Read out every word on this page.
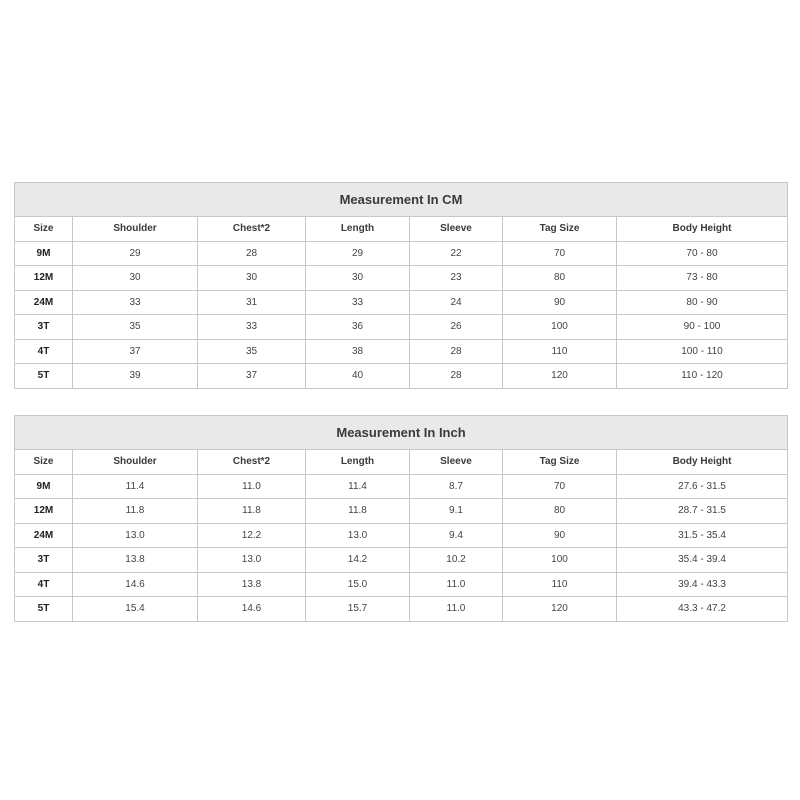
Measurement In CM						
Size	Shoulder	Chest*2	Length	Sleeve	Tag Size	Body Height
9M	29	28	29	22	70	70 - 80
12M	30	30	30	23	80	73 - 80
24M	33	31	33	24	90	80 - 90
3T	35	33	36	26	100	90 - 100
4T	37	35	38	28	110	100 - 110
5T	39	37	40	28	120	110 - 120
Measurement In Inch						
Size	Shoulder	Chest*2	Length	Sleeve	Tag Size	Body Height
9M	11.4	11.0	11.4	8.7	70	27.6 - 31.5
12M	11.8	11.8	11.8	9.1	80	28.7 - 31.5
24M	13.0	12.2	13.0	9.4	90	31.5 - 35.4
3T	13.8	13.0	14.2	10.2	100	35.4 - 39.4
4T	14.6	13.8	15.0	11.0	110	39.4 - 43.3
5T	15.4	14.6	15.7	11.0	120	43.3 - 47.2
